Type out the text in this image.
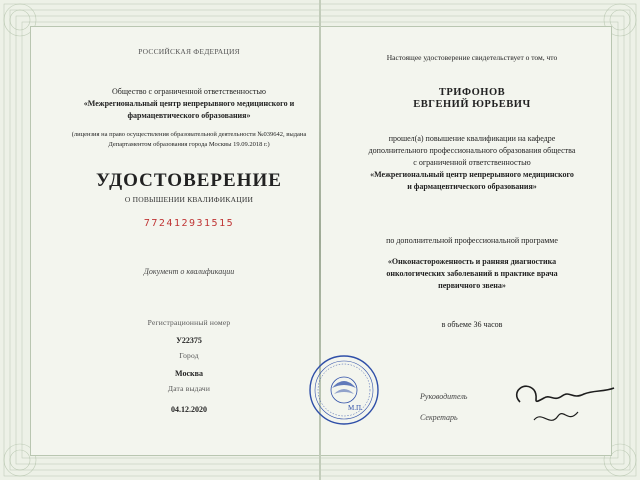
РОССИЙСКАЯ ФЕДЕРАЦИЯ
Общество с ограниченной ответственностью
«Межрегиональный центр непрерывного медицинского и
фармацевтического образования»
(лицензия на право осуществления образовательной деятельности №039642, выдана
Департаментом образования города Москвы 19.09.2018 г.)
УДОСТОВЕРЕНИЕ
О ПОВЫШЕНИИ КВАЛИФИКАЦИИ
772412931515
Документ о квалификации
Регистрационный номер
У22375
Город
Москва
Дата выдачи
04.12.2020
Настоящее удостоверение свидетельствует о том, что
ТРИФОНОВ
ЕВГЕНИЙ ЮРЬЕВИЧ
прошел(а) повышение квалификации на кафедре
дополнительного профессионального образования общества
с ограниченной ответственностью
«Межрегиональный центр непрерывного медицинского
и фармацевтического образования»
по дополнительной профессиональной программе
«Онконастороженность и ранняя диагностика
онкологических заболеваний в практике врача
первичного звена»
в объеме 36 часов
Руководитель
Секретарь
М.П.
